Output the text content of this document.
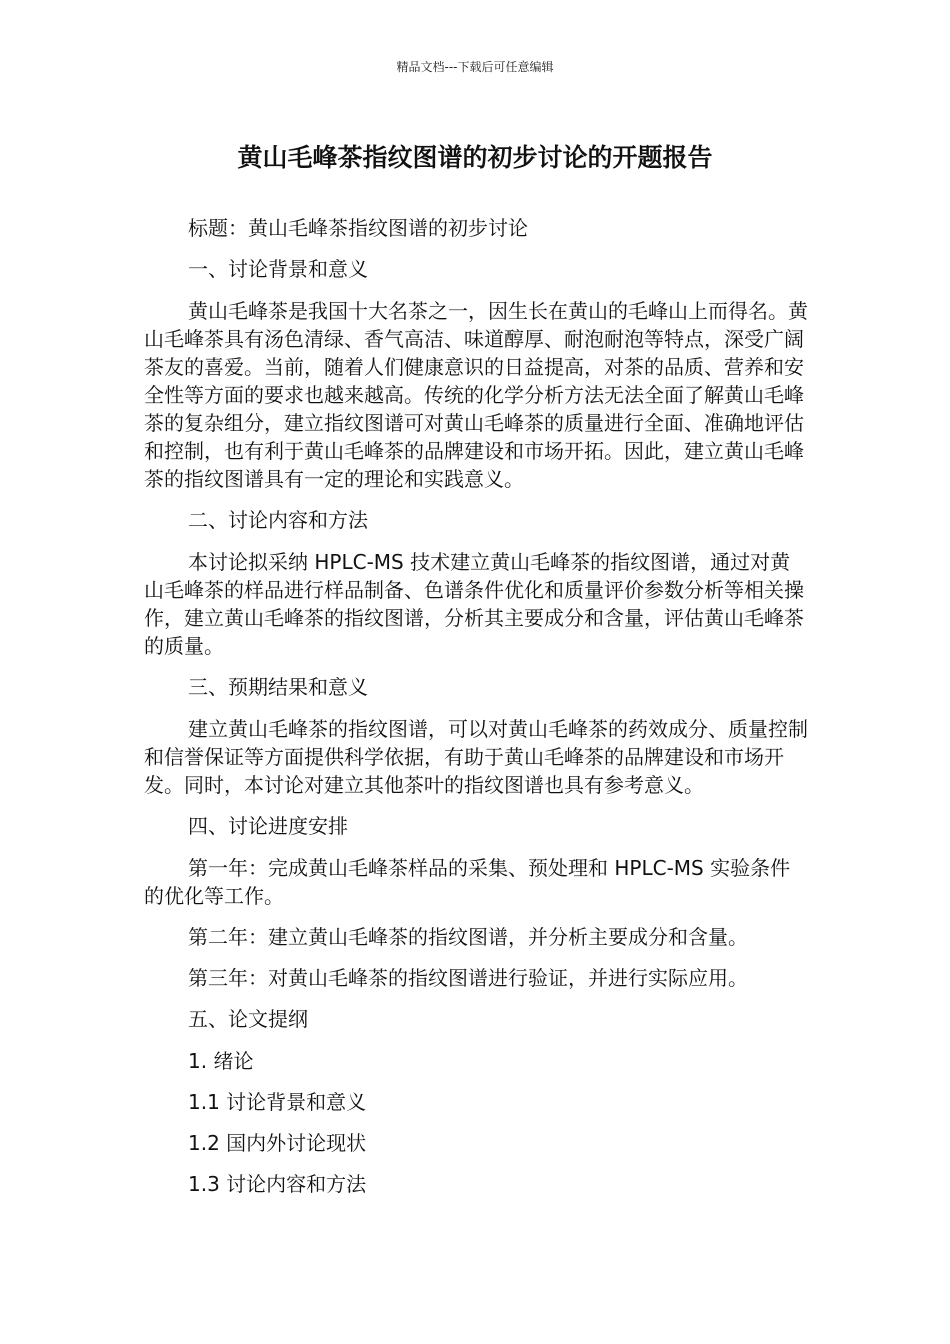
精品文档---下载后可任意编辑
黄山毛峰茶指纹图谱的初步讨论的开题报告

标题：黄山毛峰茶指纹图谱的初步讨论

一、讨论背景和意义

黄山毛峰茶是我国十大名茶之一，因生长在黄山的毛峰山上而得名。黄山毛峰茶具有汤色清绿、香气高洁、味道醇厚、耐泡耐泡等特点，深受广阔茶友的喜爱。当前，随着人们健康意识的日益提高，对茶的品质、营养和安全性等方面的要求也越来越高。传统的化学分析方法无法全面了解黄山毛峰茶的复杂组分，建立指纹图谱可对黄山毛峰茶的质量进行全面、准确地评估和控制，也有利于黄山毛峰茶的品牌建设和市场开拓。因此，建立黄山毛峰茶的指纹图谱具有一定的理论和实践意义。

二、讨论内容和方法

本讨论拟采纳 HPLC-MS 技术建立黄山毛峰茶的指纹图谱，通过对黄山毛峰茶的样品进行样品制备、色谱条件优化和质量评价参数分析等相关操作，建立黄山毛峰茶的指纹图谱，分析其主要成分和含量，评估黄山毛峰茶的质量。

三、预期结果和意义

建立黄山毛峰茶的指纹图谱，可以对黄山毛峰茶的药效成分、质量控制和信誉保证等方面提供科学依据，有助于黄山毛峰茶的品牌建设和市场开发。同时，本讨论对建立其他茶叶的指纹图谱也具有参考意义。

四、讨论进度安排

第一年：完成黄山毛峰茶样品的采集、预处理和 HPLC-MS 实验条件的优化等工作。

第二年：建立黄山毛峰茶的指纹图谱，并分析主要成分和含量。

第三年：对黄山毛峰茶的指纹图谱进行验证，并进行实际应用。

五、论文提纲

1. 绪论

1.1 讨论背景和意义

1.2 国内外讨论现状

1.3 讨论内容和方法
